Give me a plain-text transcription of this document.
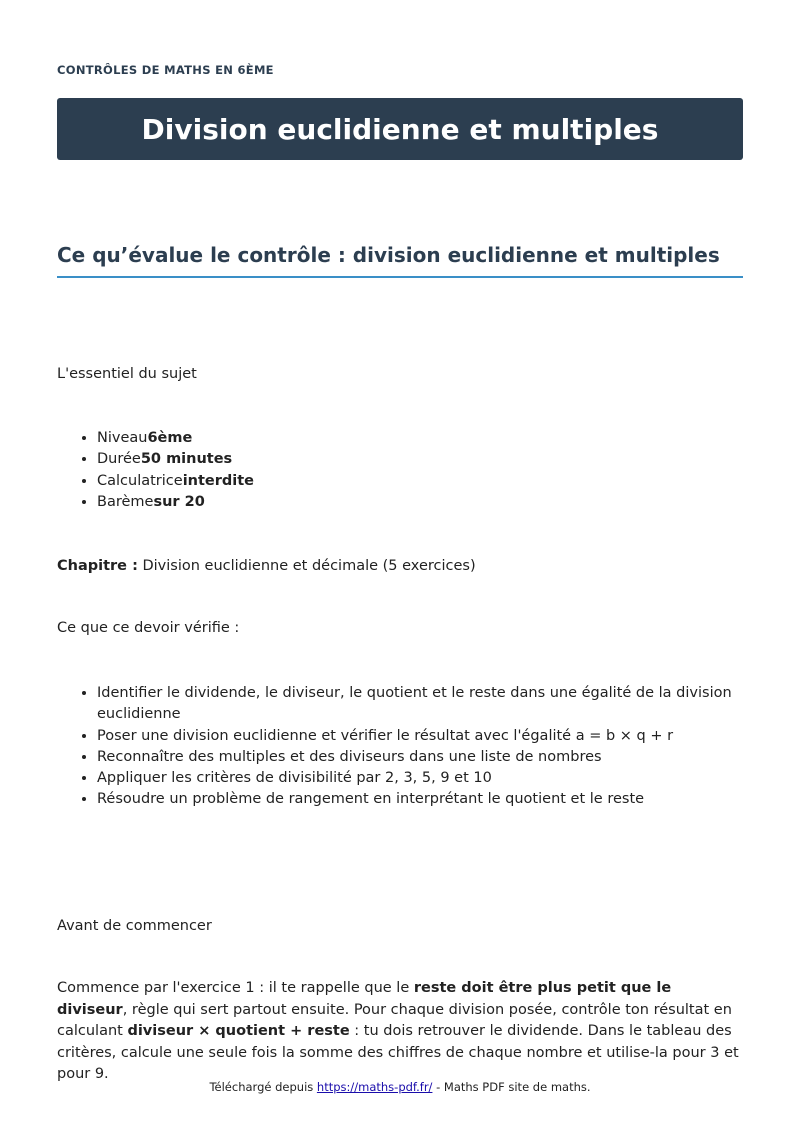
CONTRÔLES DE MATHS EN 6ÈME
Division euclidienne et multiples
Ce qu’évalue le contrôle : division euclidienne et multiples

L'essentiel du sujet

• Niveau6ème
• Durée50 minutes
• Calculatriceinterdite
• Barèmesur 20

Chapitre : Division euclidienne et décimale (5 exercices)

Ce que ce devoir vérifie :

• Identifier le dividende, le diviseur, le quotient et le reste dans une égalité de la division euclidienne
• Poser une division euclidienne et vérifier le résultat avec l'égalité a = b × q + r
• Reconnaître des multiples et des diviseurs dans une liste de nombres
• Appliquer les critères de divisibilité par 2, 3, 5, 9 et 10
• Résoudre un problème de rangement en interprétant le quotient et le reste

Avant de commencer

Commence par l'exercice 1 : il te rappelle que le reste doit être plus petit que le diviseur, règle qui sert partout ensuite. Pour chaque division posée, contrôle ton résultat en calculant diviseur × quotient + reste : tu dois retrouver le dividende. Dans le tableau des critères, calcule une seule fois la somme des chiffres de chaque nombre et utilise-la pour 3 et pour 9.

Téléchargé depuis https://maths-pdf.fr/ - Maths PDF site de maths.
